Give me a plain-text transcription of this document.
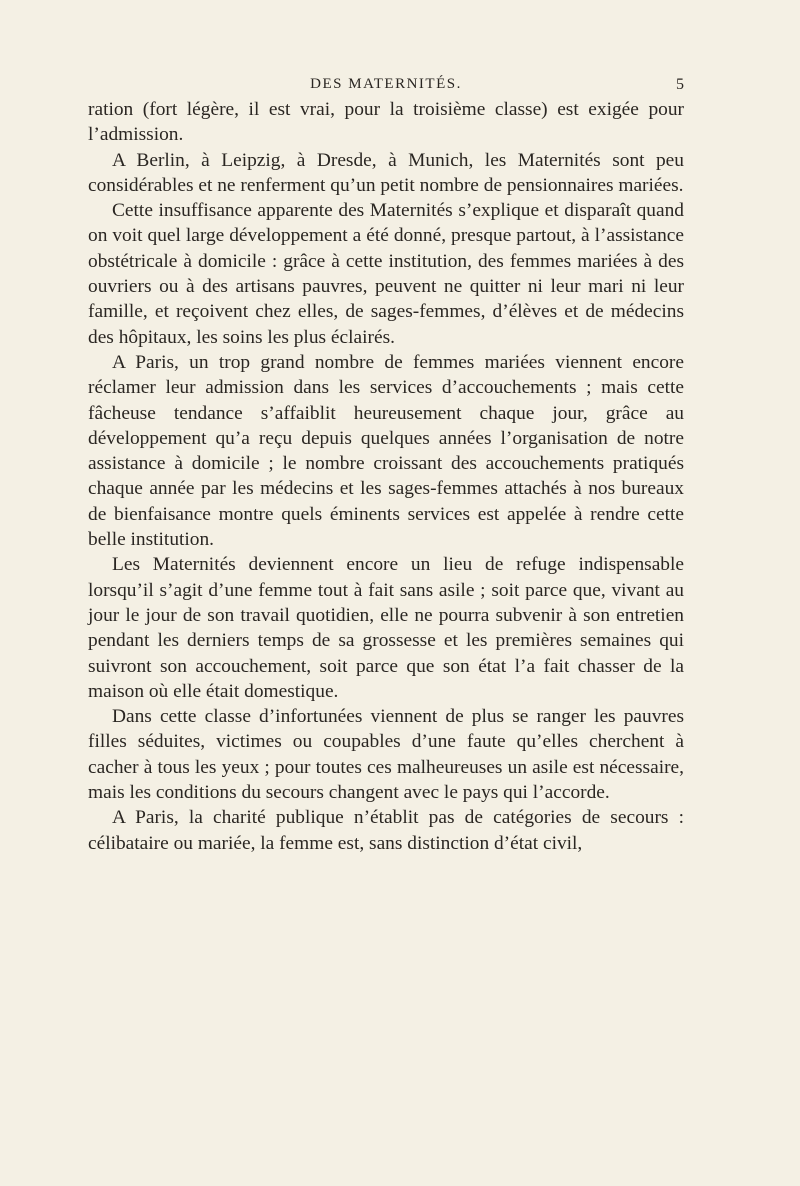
DES MATERNITÉS.	5

ration (fort légère, il est vrai, pour la troisième classe) est exigée pour l’admission.

A Berlin, à Leipzig, à Dresde, à Munich, les Maternités sont peu considérables et ne renferment qu’un petit nombre de pensionnaires mariées.

Cette insuffisance apparente des Maternités s’explique et disparaît quand on voit quel large développement a été donné, presque partout, à l’assistance obstétricale à domicile : grâce à cette institution, des femmes mariées à des ouvriers ou à des artisans pauvres, peuvent ne quitter ni leur mari ni leur famille, et reçoivent chez elles, de sages-femmes, d’élèves et de médecins des hôpitaux, les soins les plus éclairés.

A Paris, un trop grand nombre de femmes mariées viennent encore réclamer leur admission dans les services d’accouchements ; mais cette fâcheuse tendance s’affaiblit heureusement chaque jour, grâce au développement qu’a reçu depuis quelques années l’organisation de notre assistance à domicile ; le nombre croissant des accouchements pratiqués chaque année par les médecins et les sages-femmes attachés à nos bureaux de bienfaisance montre quels éminents services est appelée à rendre cette belle institution.

Les Maternités deviennent encore un lieu de refuge indispensable lorsqu’il s’agit d’une femme tout à fait sans asile ; soit parce que, vivant au jour le jour de son travail quotidien, elle ne pourra subvenir à son entretien pendant les derniers temps de sa grossesse et les premières semaines qui suivront son accouchement, soit parce que son état l’a fait chasser de la maison où elle était domestique.

Dans cette classe d’infortunées viennent de plus se ranger les pauvres filles séduites, victimes ou coupables d’une faute qu’elles cherchent à cacher à tous les yeux ; pour toutes ces malheureuses un asile est nécessaire, mais les conditions du secours changent avec le pays qui l’accorde.

A Paris, la charité publique n’établit pas de catégories de secours : célibataire ou mariée, la femme est, sans distinction d’état civil,
